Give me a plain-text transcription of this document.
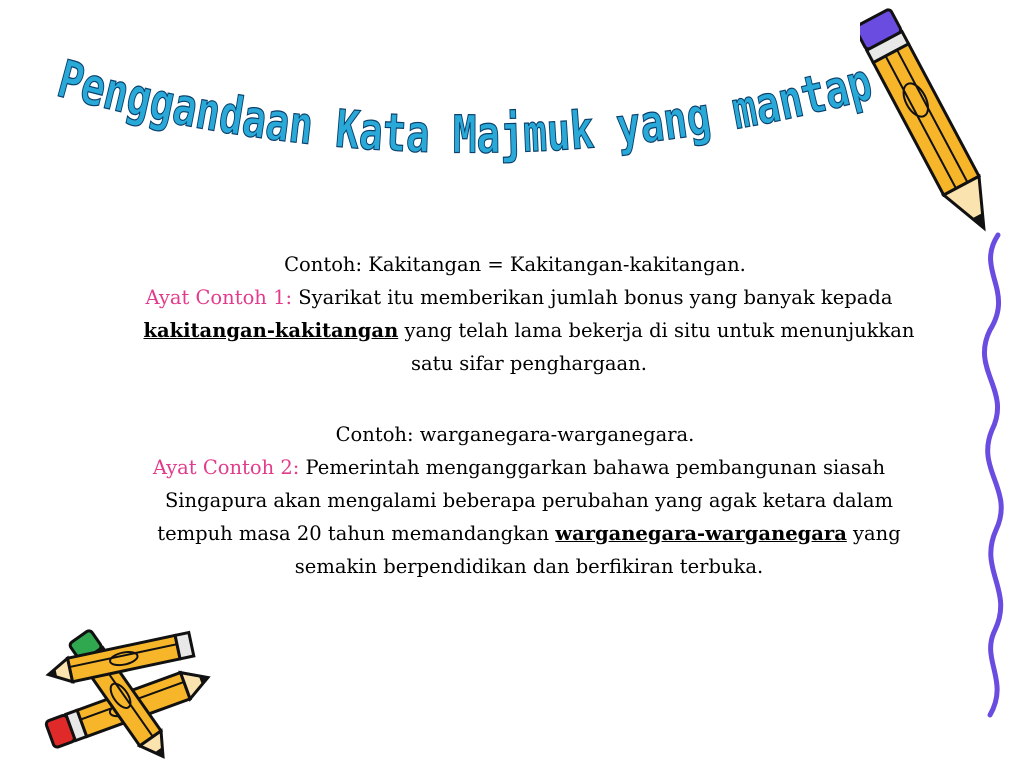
Penggandaan Kata Majmuk yang mantap

Contoh: Kakitangan = Kakitangan-kakitangan.

Ayat Contoh 1: Syarikat itu memberikan jumlah bonus yang banyak kepada kakitangan-kakitangan yang telah lama bekerja di situ untuk menunjukkan satu sifar penghargaan.

Contoh: warganegara-warganegara.

Ayat Contoh 2: Pemerintah menganggarkan bahawa pembangunan siasah Singapura akan mengalami beberapa perubahan yang agak ketara dalam tempuh masa 20 tahun memandangkan warganegara-warganegara yang semakin berpendidikan dan berfikiran terbuka.
